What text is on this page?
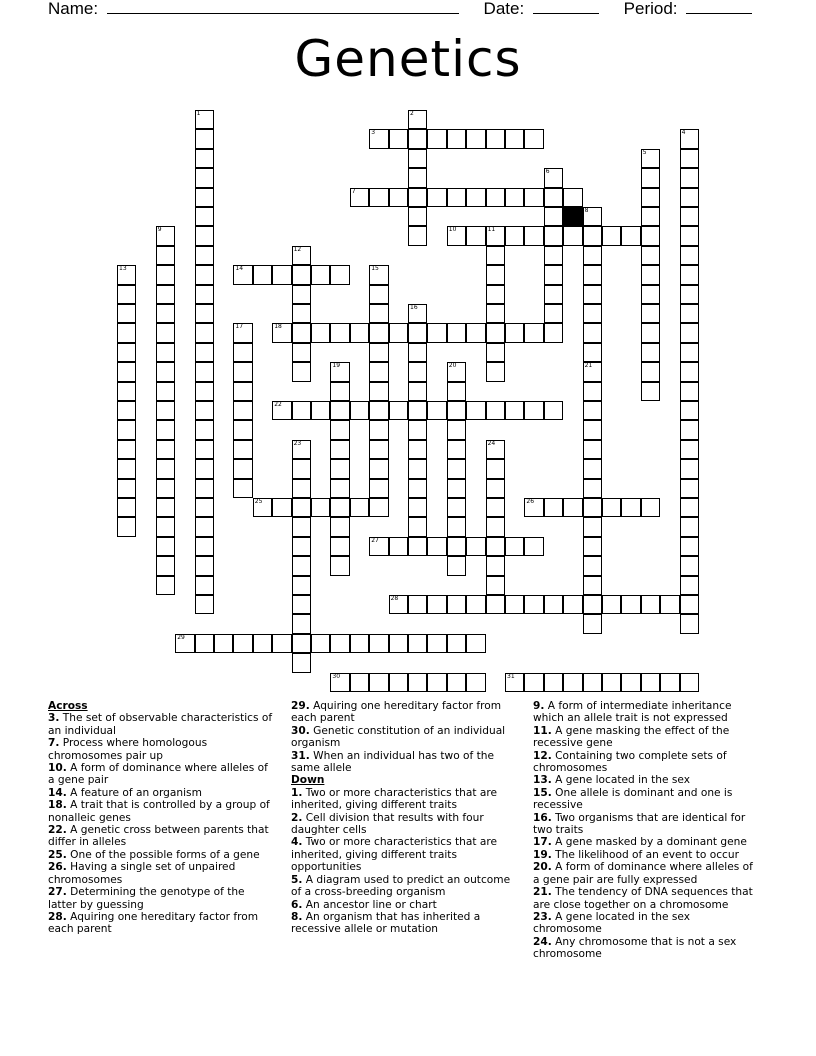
Name:	Date:	Period:
Genetics
1	2
3	4
5
6
7
8
9	10	11
12
13	14	15
16
17	18
19	20	21
22
23	24
25	26
27
28
29
30	31
Across
3. The set of observable characteristics of an individual
7. Process where homologous chromosomes pair up
10. A form of dominance where alleles of a gene pair
14. A feature of an organism
18. A trait that is controlled by a group of nonalleic genes
22. A genetic cross between parents that differ in alleles
25. One of the possible forms of a gene
26. Having a single set of unpaired chromosomes
27. Determining the genotype of the latter by guessing
28. Aquiring one hereditary factor from each parent
29. Aquiring one hereditary factor from each parent
30. Genetic constitution of an individual organism
31. When an individual has two of the same allele
Down
1. Two or more characteristics that are inherited, giving different traits
2. Cell division that results with four daughter cells
4. Two or more characteristics that are inherited, giving different traits opportunities
5. A diagram used to predict an outcome of a cross-breeding organism
6. An ancestor line or chart
8. An organism that has inherited a recessive allele or mutation
9. A form of intermediate inheritance which an allele trait is not expressed
11. A gene masking the effect of the recessive gene
12. Containing two complete sets of chromosomes
13. A gene located in the sex
15. One allele is dominant and one is recessive
16. Two organisms that are identical for two traits
17. A gene masked by a dominant gene
19. The likelihood of an event to occur
20. A form of dominance where alleles of a gene pair are fully expressed
21. The tendency of DNA sequences that are close together on a chromosome
23. A gene located in the sex chromosome
24. Any chromosome that is not a sex chromosome
